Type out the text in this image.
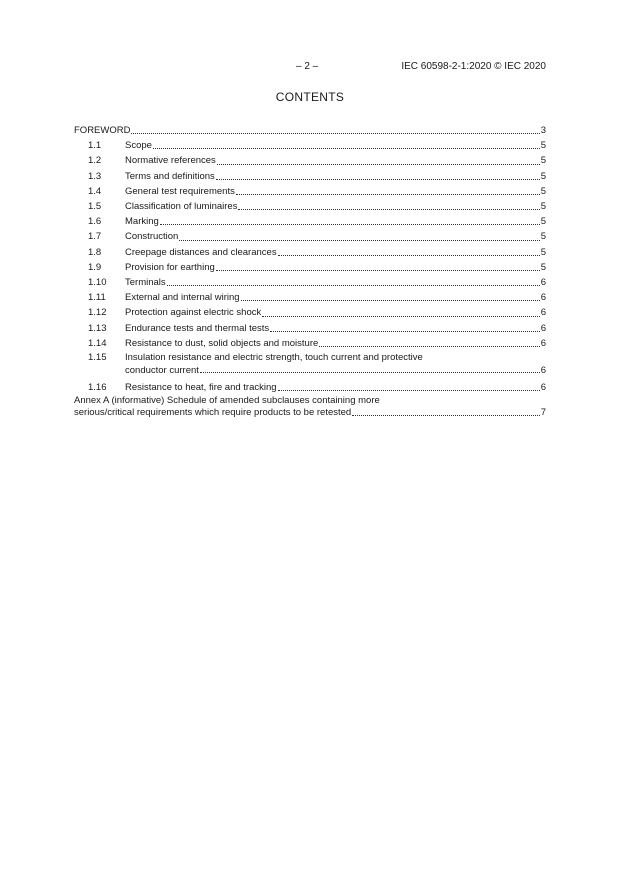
– 2 –	IEC 60598-2-1:2020 © IEC 2020
CONTENTS
FOREWORD	3
1.1	Scope	5
1.2	Normative references	5
1.3	Terms and definitions	5
1.4	General test requirements	5
1.5	Classification of luminaires	5
1.6	Marking	5
1.7	Construction	5
1.8	Creepage distances and clearances	5
1.9	Provision for earthing	5
1.10	Terminals	6
1.11	External and internal wiring	6
1.12	Protection against electric shock	6
1.13	Endurance tests and thermal tests	6
1.14	Resistance to dust, solid objects and moisture	6
1.15	Insulation resistance and electric strength, touch current and protective
conductor current	6
1.16	Resistance to heat, fire and tracking	6
Annex A (informative) Schedule of amended subclauses containing more
serious/critical requirements which require products to be retested	7
